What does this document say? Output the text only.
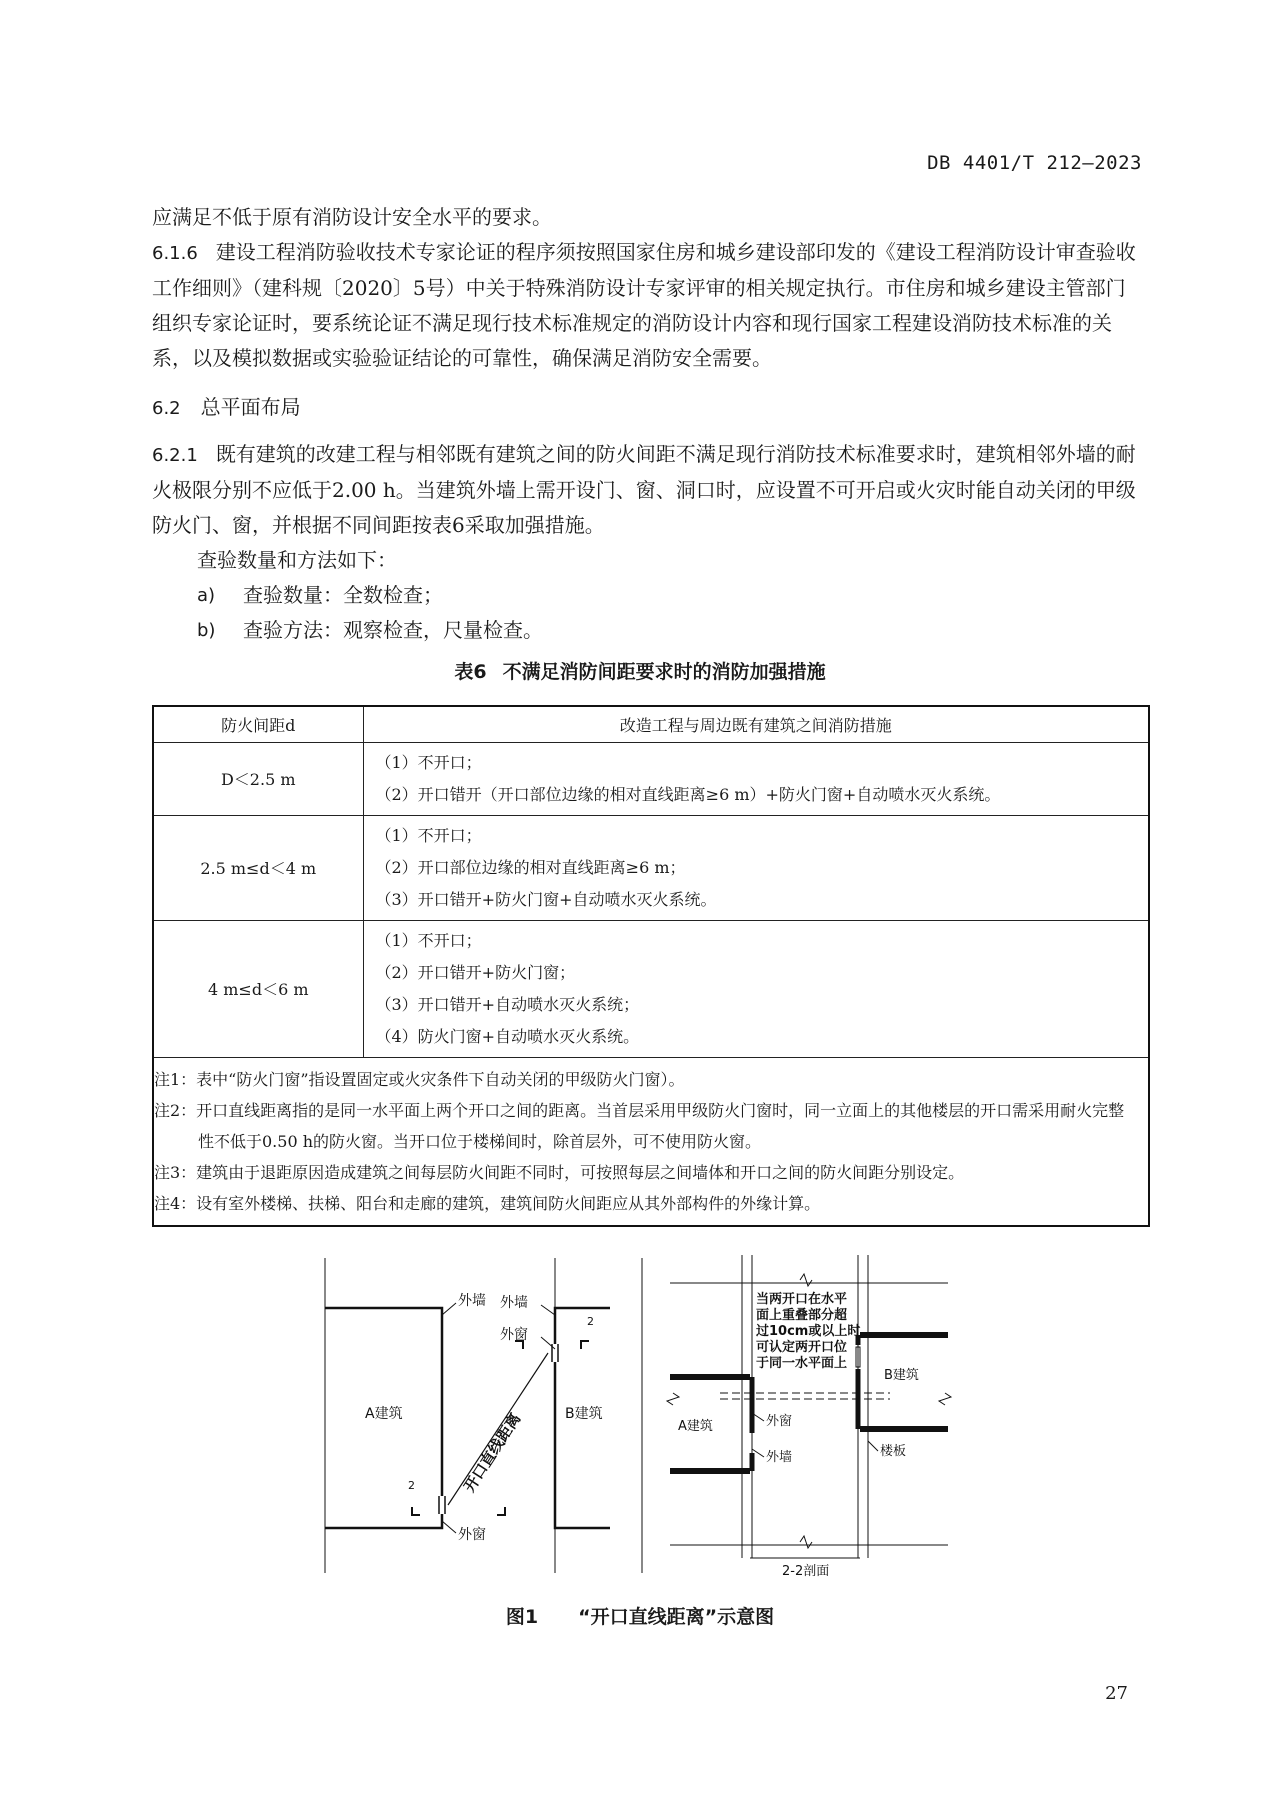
DB 4401/T 212—2023

应满足不低于原有消防设计安全水平的要求。

6.1.6 建设工程消防验收技术专家论证的程序须按照国家住房和城乡建设部印发的《建设工程消防设计审查验收工作细则》（建科规〔2020〕5号）中关于特殊消防设计专家评审的相关规定执行。市住房和城乡建设主管部门组织专家论证时，要系统论证不满足现行技术标准规定的消防设计内容和现行国家工程建设消防技术标准的关系，以及模拟数据或实验验证结论的可靠性，确保满足消防安全需要。

6.2 总平面布局

6.2.1 既有建筑的改建工程与相邻既有建筑之间的防火间距不满足现行消防技术标准要求时，建筑相邻外墙的耐火极限分别不应低于2.00 h。当建筑外墙上需开设门、窗、洞口时，应设置不可开启或火灾时能自动关闭的甲级防火门、窗，并根据不同间距按表6采取加强措施。

查验数量和方法如下：

a)	查验数量：全数检查；
b)	查验方法：观察检查，尺量检查。
表6 不满足消防间距要求时的消防加强措施
防火间距d	改造工程与周边既有建筑之间消防措施
D＜2.5 m	（1）不开口；
（2）开口错开（开口部位边缘的相对直线距离≥6 m）+防火门窗+自动喷水灭火系统。

2.5 m≤d＜4 m	（1）不开口；
（2）开口部位边缘的相对直线距离≥6 m；
（3）开口错开+防火门窗+自动喷水灭火系统。

4 m≤d＜6 m	（1）不开口；
（2）开口错开+防火门窗；
（3）开口错开+自动喷水灭火系统；
（4）防火门窗+自动喷水灭火系统。

注1：表中“防火门窗”指设置固定或火灾条件下自动关闭的甲级防火门窗）。
注2：开口直线距离指的是同一水平面上两个开口之间的距离。当首层采用甲级防火门窗时，同一立面上的其他楼层的开口需采用耐火完整性不低于0.50 h的防火窗。当开口位于楼梯间时，除首层外，可不使用防火窗。
注3：建筑由于退距原因造成建筑之间每层防火间距不同时，可按照每层之间墙体和开口之间的防火间距分别设定。
注4：设有室外楼梯、扶梯、阳台和走廊的建筑，建筑间防火间距应从其外部构件的外缘计算。	
A建筑	B建筑
外墙 外墙
外窗
外窗
2
2
开口直线距离
当两开口在水平
面上重叠部分超
过10cm或以上时
可认定两开口位
于同一水平面上
A建筑
B建筑
外窗
外墙	楼板
2-2剖面
图1 “开口直线距离”示意图
27
